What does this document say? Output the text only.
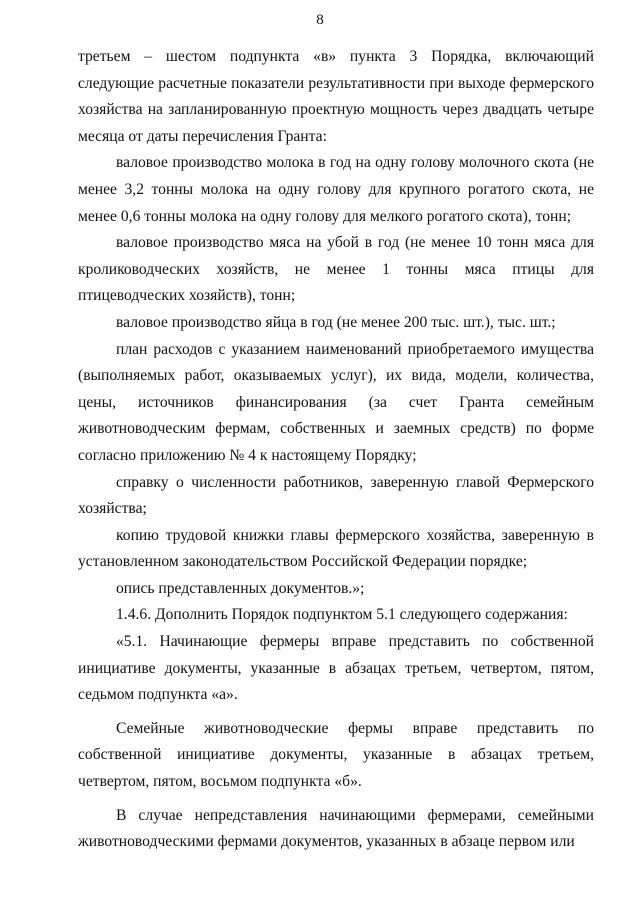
8

третьем – шестом подпункта «в» пункта 3 Порядка, включающий следующие расчетные показатели результативности при выходе фермерского хозяйства на запланированную проектную мощность через двадцать четыре месяца от даты перечисления Гранта:

валовое производство молока в год на одну голову молочного скота (не менее 3,2 тонны молока на одну голову для крупного рогатого скота, не менее 0,6 тонны молока на одну голову для мелкого рогатого скота), тонн;

валовое производство мяса на убой в год (не менее 10 тонн мяса для кролиководческих хозяйств, не менее 1 тонны мяса птицы для птицеводческих хозяйств), тонн;

валовое производство яйца в год (не менее 200 тыс. шт.), тыс. шт.;

план расходов с указанием наименований приобретаемого имущества (выполняемых работ, оказываемых услуг), их вида, модели, количества, цены, источников финансирования (за счет Гранта семейным животноводческим фермам, собственных и заемных средств) по форме согласно приложению № 4 к настоящему Порядку;

справку о численности работников, заверенную главой Фермерского хозяйства;

копию трудовой книжки главы фермерского хозяйства, заверенную в установленном законодательством Российской Федерации порядке;

опись представленных документов.»;

1.4.6. Дополнить Порядок подпунктом 5.1 следующего содержания:

«5.1. Начинающие фермеры вправе представить по собственной инициативе документы, указанные в абзацах третьем, четвертом, пятом, седьмом подпункта «а».

Семейные животноводческие фермы вправе представить по собственной инициативе документы, указанные в абзацах третьем, четвертом, пятом, восьмом подпункта «б».

В случае непредставления начинающими фермерами, семейными животноводческими фермами документов, указанных в абзаце первом или
